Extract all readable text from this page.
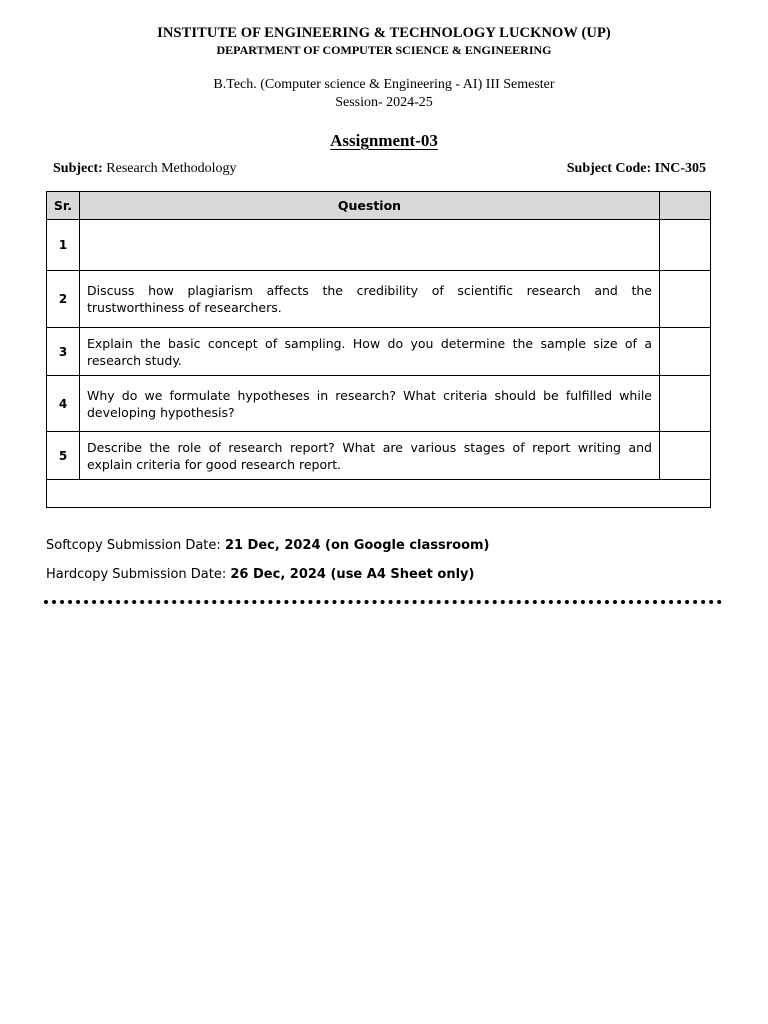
INSTITUTE OF ENGINEERING & TECHNOLOGY LUCKNOW (UP)
DEPARTMENT OF COMPUTER SCIENCE & ENGINEERING
B.Tech. (Computer science & Engineering - AI) III Semester
Session- 2024-25
Assignment-03
Subject: Research Methodology	Subject Code: INC-305
Sr.	Question	
1		
2	Discuss how plagiarism affects the credibility of scientific research and the trustworthiness of researchers.	
3	Explain the basic concept of sampling. How do you determine the sample size of a research study.	
4	Why do we formulate hypotheses in research? What criteria should be fulfilled while developing hypothesis?	
5	Describe the role of research report? What are various stages of report writing and explain criteria for good research report.	

Softcopy Submission Date: 21 Dec, 2024 (on Google classroom)
Hardcopy Submission Date: 26 Dec, 2024 (use A4 Sheet only)
